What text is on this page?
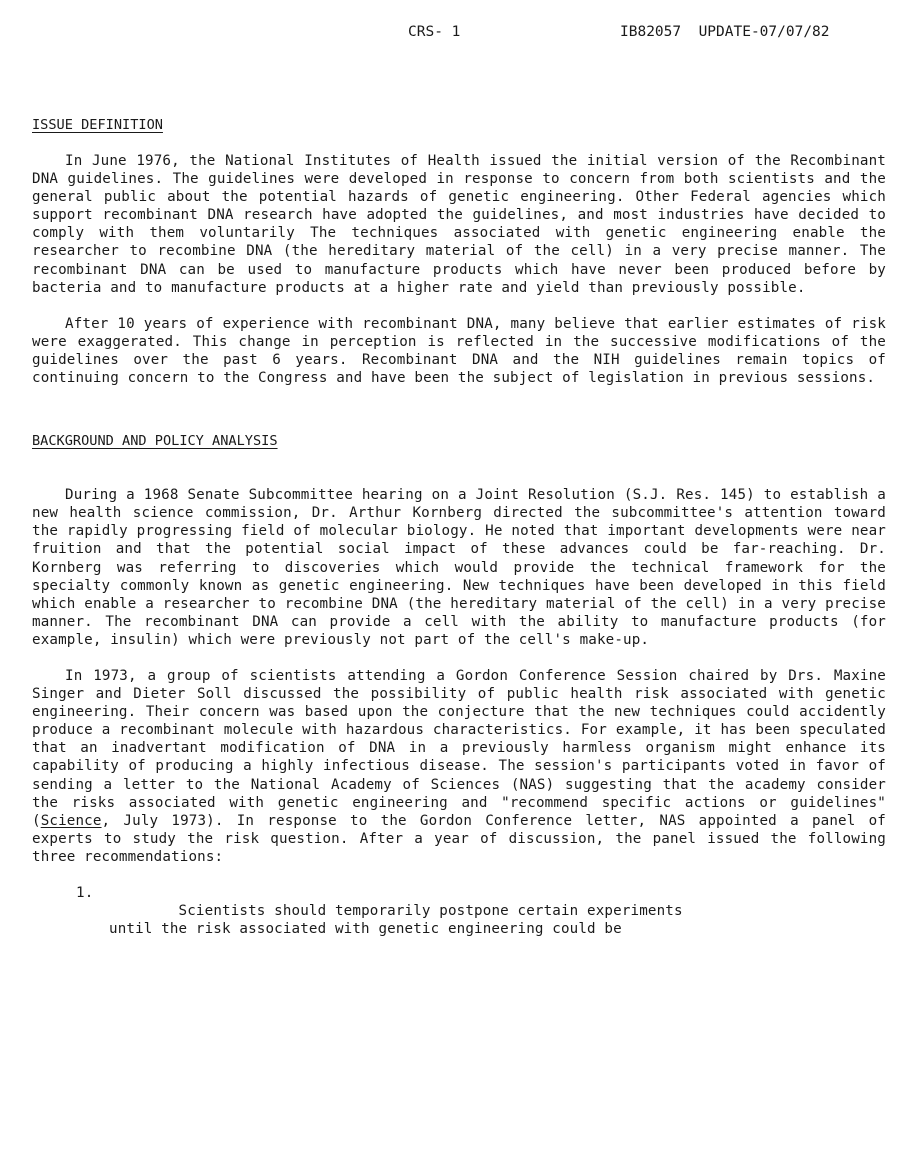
CRS- 1

	IB82057  UPDATE-07/07/82

ISSUE DEFINITION

In June 1976, the National Institutes of Health issued the initial version of the Recombinant DNA guidelines. The guidelines were developed in response to concern from both scientists and the general public about the potential hazards of genetic engineering. Other Federal agencies which support recombinant DNA research have adopted the guidelines, and most industries have decided to comply with them voluntarily The techniques associated with genetic engineering enable the researcher to recombine DNA (the hereditary material of the cell) in a very precise manner. The recombinant DNA can be used to manufacture products which have never been produced before by bacteria and to manufacture products at a higher rate and yield than previously possible.

After 10 years of experience with recombinant DNA, many believe that earlier estimates of risk were exaggerated. This change in perception is reflected in the successive modifications of the guidelines over the past 6 years. Recombinant DNA and the NIH guidelines remain topics of continuing concern to the Congress and have been the subject of legislation in previous sessions.

BACKGROUND AND POLICY ANALYSIS

During a 1968 Senate Subcommittee hearing on a Joint Resolution (S.J. Res. 145) to establish a new health science commission, Dr. Arthur Kornberg directed the subcommittee's attention toward the rapidly progressing field of molecular biology. He noted that important developments were near fruition and that the potential social impact of these advances could be far-reaching. Dr. Kornberg was referring to discoveries which would provide the technical framework for the specialty commonly known as genetic engineering. New techniques have been developed in this field which enable a researcher to recombine DNA (the hereditary material of the cell) in a very precise manner. The recombinant DNA can provide a cell with the ability to manufacture products (for example, insulin) which were previously not part of the cell's make-up.

In 1973, a group of scientists attending a Gordon Conference Session chaired by Drs. Maxine Singer and Dieter Soll discussed the possibility of public health risk associated with genetic engineering. Their concern was based upon the conjecture that the new techniques could accidently produce a recombinant molecule with hazardous characteristics. For example, it has been speculated that an inadvertant modification of DNA in a previously harmless organism might enhance its capability of producing a highly infectious disease. The session's participants voted in favor of sending a letter to the National Academy of Sciences (NAS) suggesting that the academy consider the risks associated with genetic engineering and "recommend specific actions or guidelines" (Science, July 1973). In response to the Gordon Conference letter, NAS appointed a panel of experts to study the risk question. After a year of discussion, the panel issued the following three recommendations:

1.
Scientists should temporarily postpone certain experiments
until the risk associated with genetic engineering could be
